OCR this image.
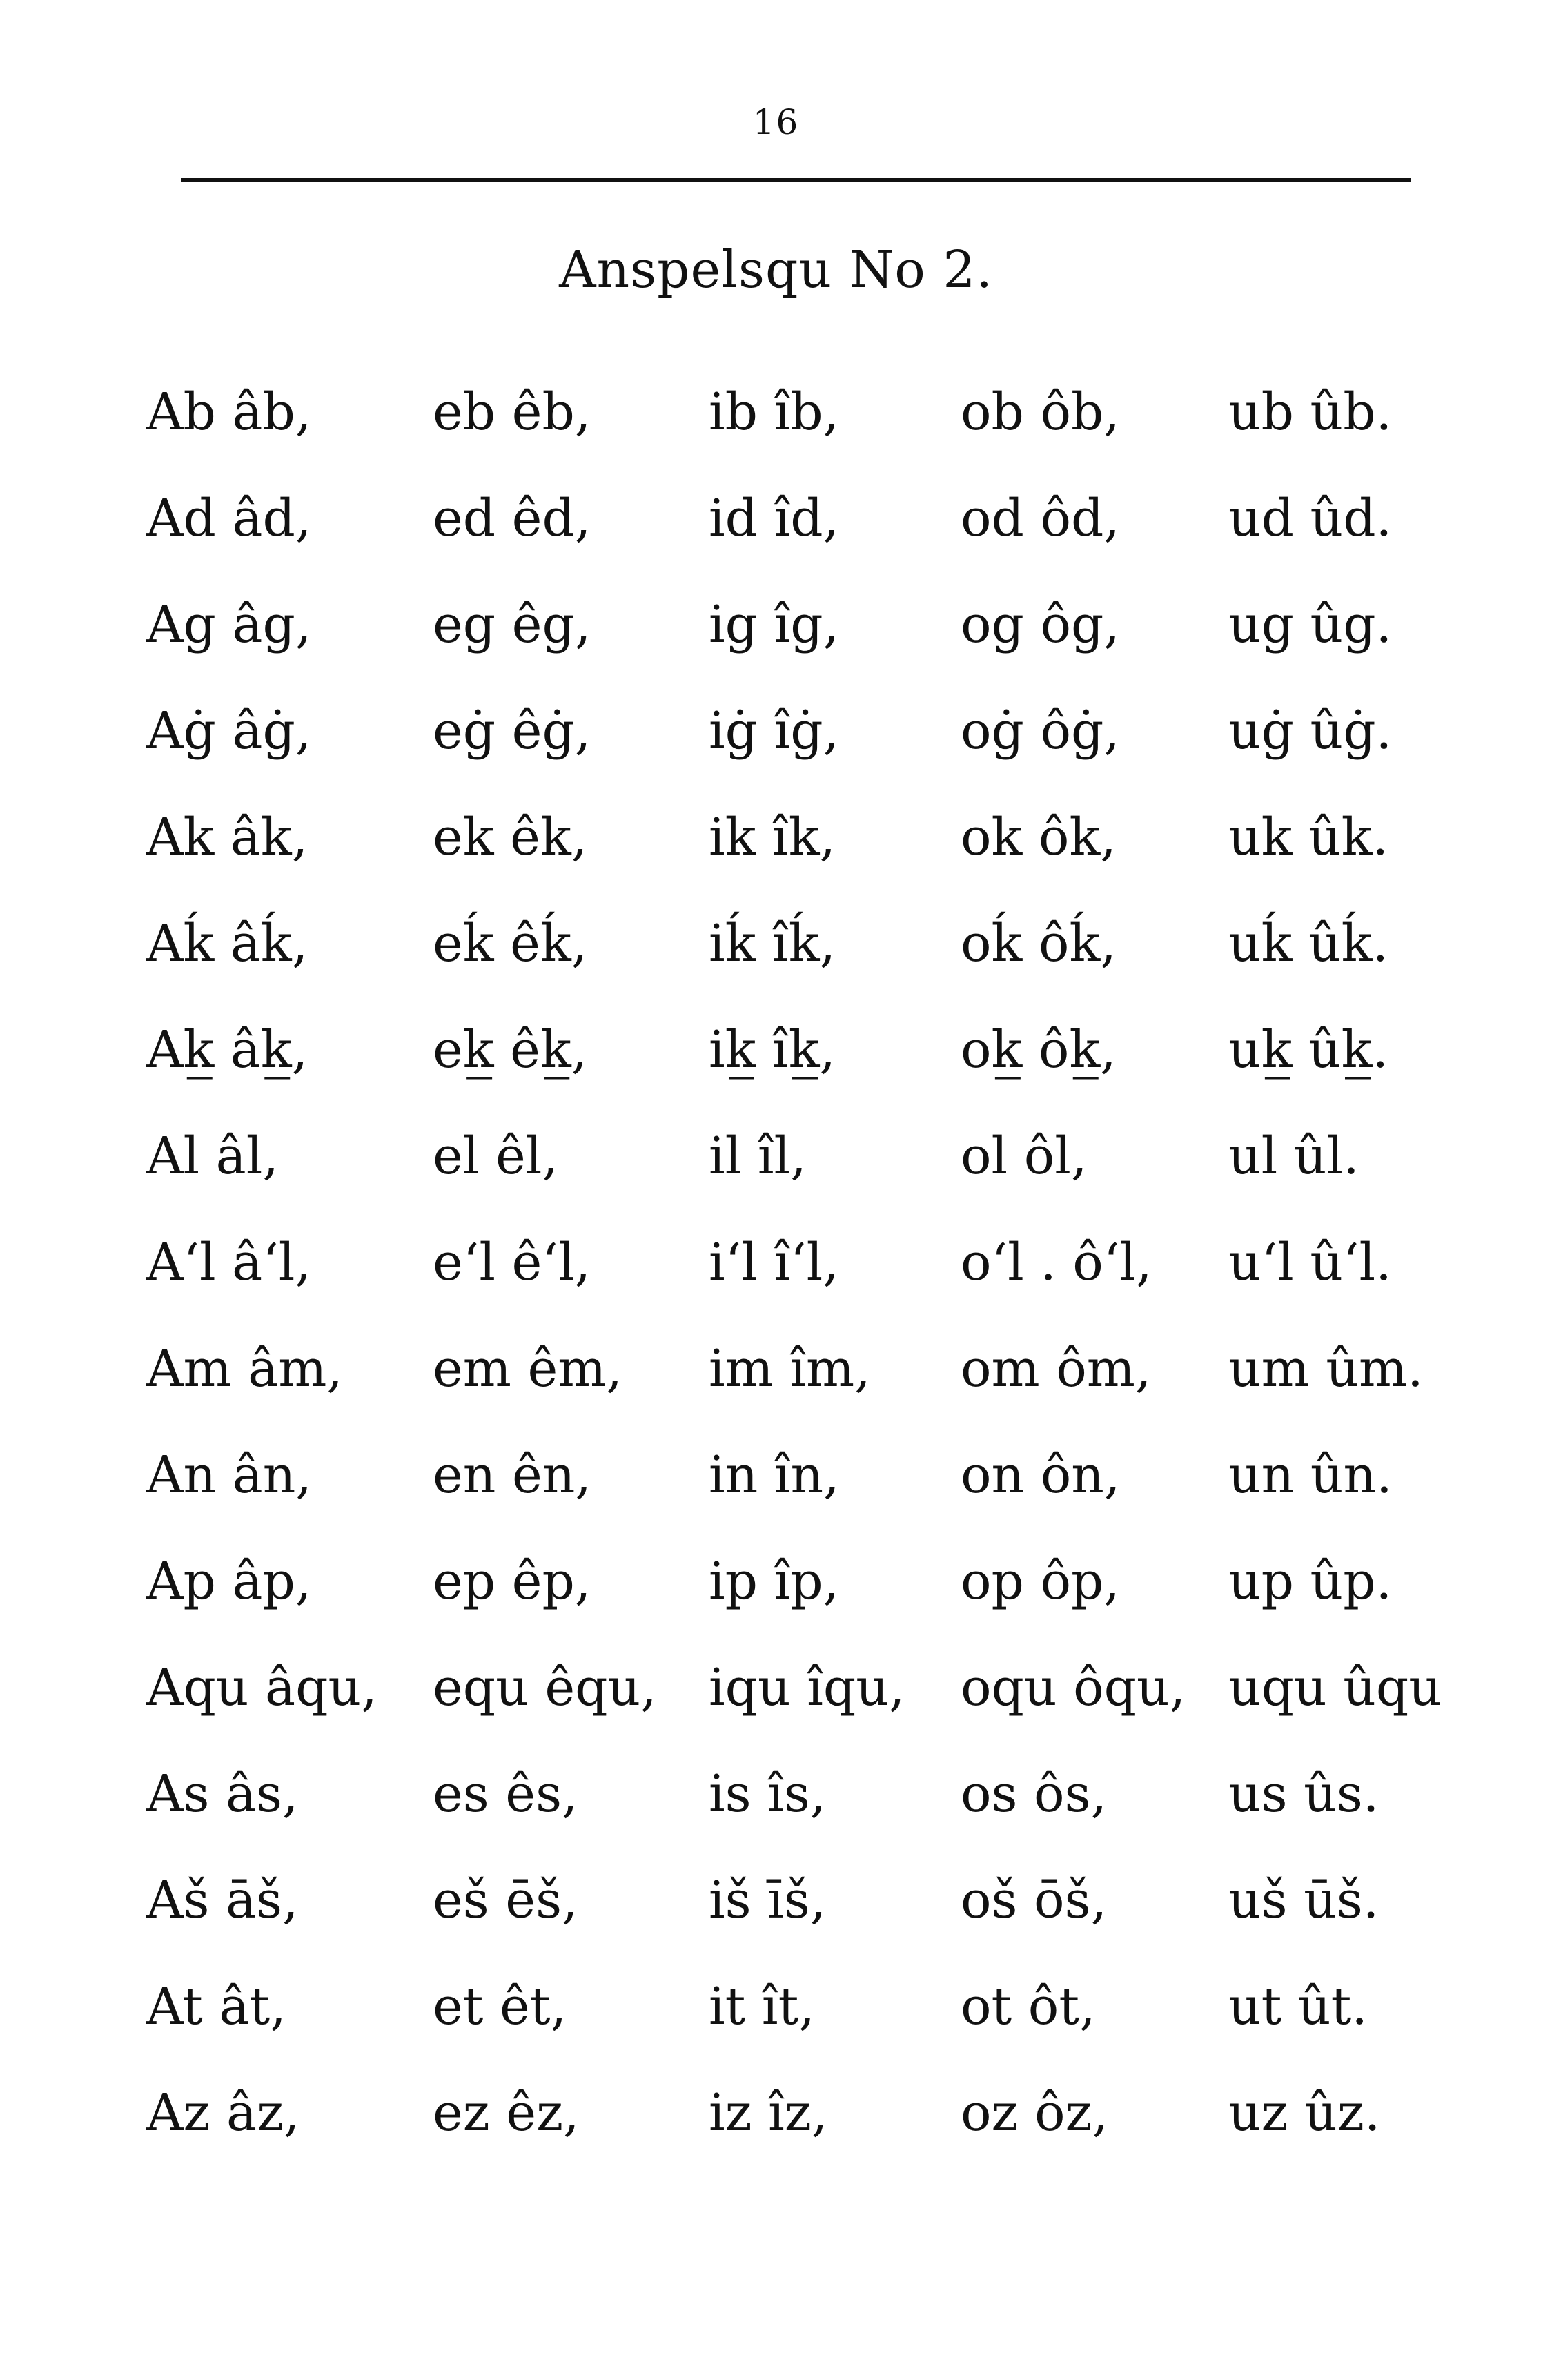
16
Anspelsqu No 2.
Ab âb, eb êb, ib îb, ob ôb, ub ûb.
Ad âd, ed êd, id îd, od ôd, ud ûd.
Ag âg, eg êg, ig îg, og ôg, ug ûg.
Aġ âġ, eġ êġ, iġ îġ, oġ ôġ, uġ ûġ.
Ak âk, ek êk, ik îk, ok ôk, uk ûk.
Aḱ âḱ, eḱ êḱ, iḱ îḱ, oḱ ôḱ, uḱ ûḱ.
A‌k̲ âk̲, ek̲ êk̲, ik̲ îk̲, ok̲ ôk̲, uk̲ ûk̲.
Al âl,	el êl,	il îl,	ol ôl,	ul ûl.
A‘l â‘l, e‘l ê‘l, i‘l î‘l, o‘l . ô‘l, u‘l û‘l.
Am âm, em êm, im îm, om ôm, um ûm.
An ân, en ên, in în, on ôn, un ûn.
Ap âp, ep êp, ip îp, op ôp, up ûp.
Aqu âqu, equ êqu, iqu îqu, oqu ôqu, uqu ûqu
As âs,	es ês,	is îs,	os ôs, us ûs.
Aš āš,	eš ēš,	iš īš,	oš ōš, uš ūš.
At ât,	et êt,	it ît,	ot ôt,	ut ût.
Az âz,	ez êz,	iz îz,	oz ôz, uz ûz.
